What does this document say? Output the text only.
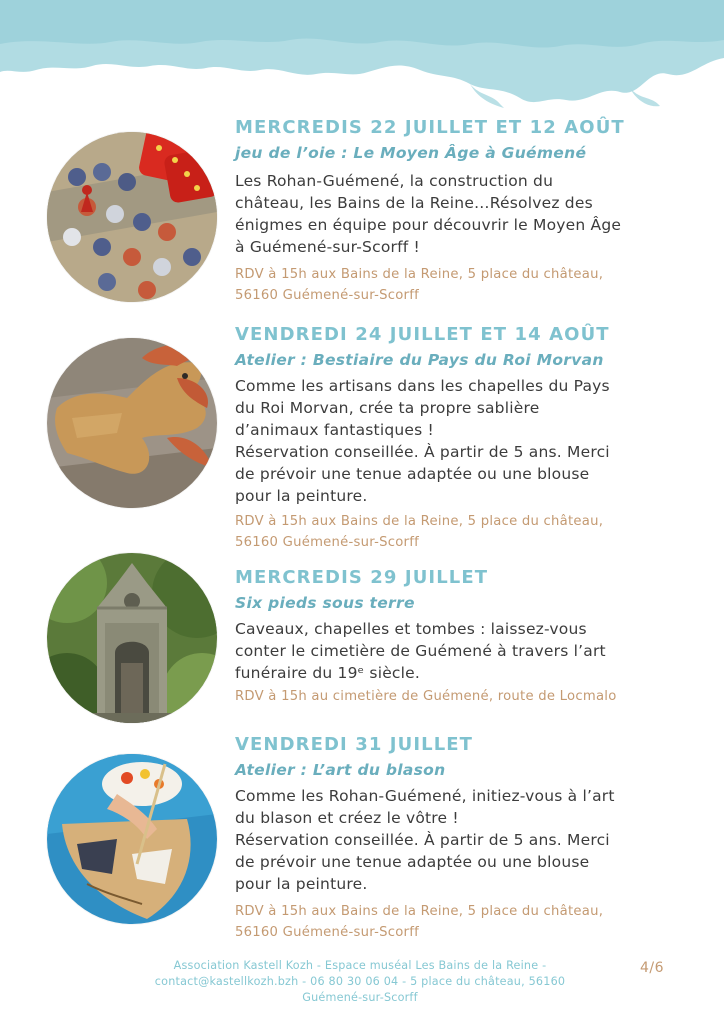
MERCREDIS 22 JUILLET ET 12 AOÛT
jeu de l’oie : Le Moyen Âge à Guémené

Les Rohan-Guémené, la construction du

château, les Bains de la Reine…Résolvez des

énigmes en équipe pour découvrir le Moyen Âge

à Guémené-sur-Scorff !

RDV à 15h aux Bains de la Reine, 5 place du château,

56160 Guémené-sur-Scorff

VENDREDI 24 JUILLET ET 14 AOÛT
Atelier : Bestiaire du Pays du Roi Morvan

Comme les artisans dans les chapelles du Pays

du Roi Morvan, crée ta propre sablière

d’animaux fantastiques !

Réservation conseillée. À partir de 5 ans. Merci

de prévoir une tenue adaptée ou une blouse

pour la peinture.

RDV à 15h aux Bains de la Reine, 5 place du château,

56160 Guémené-sur-Scorff

MERCREDIS 29 JUILLET
Six pieds sous terre

Caveaux, chapelles et tombes : laissez-vous

conter le cimetière de Guémené à travers l’art

funéraire du 19ᵉ siècle.

RDV à 15h au cimetière de Guémené, route de Locmalo

VENDREDI 31 JUILLET
Atelier : L’art du blason

Comme les Rohan-Guémené, initiez-vous à l’art

du blason et créez le vôtre !

Réservation conseillée. À partir de 5 ans. Merci

de prévoir une tenue adaptée ou une blouse

pour la peinture.

RDV à 15h aux Bains de la Reine, 5 place du château,

56160 Guémené-sur-Scorff

Association Kastell Kozh - Espace muséal Les Bains de la Reine -

contact@kastellkozh.bzh - 06 80 30 06 04 - 5 place du château, 56160

Guémené-sur-Scorff

4/6
